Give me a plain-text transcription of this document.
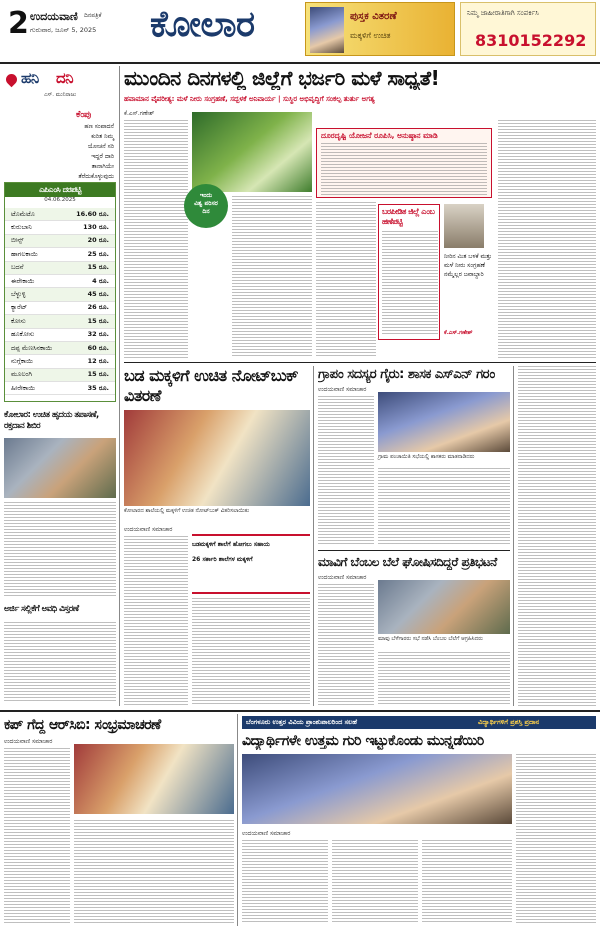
2 ಉದಯವಾಣಿ ದಿನಪತ್ರಿಕೆ
ಗುರುವಾರ, ಜೂನ್ 5, 2025 ಕೋಲಾರ	ಪುಸ್ತಕ ವಿತರಣೆ
ಮಕ್ಕಳಿಗೆ ಉಚಿತ
ನಿಮ್ಮ ಜಾಹೀರಾತಿಗಾಗಿ ಸಂಪರ್ಕಿಸಿ
8310152292
ಹನಿ ದನಿ
ಎಸ್. ಮುನಿರಾಜು
ಕೆಂಪು
ಹಣ ಸಂಪಾದನೆ
ಕುರಿತ ನಿಮ್ಮ
ಯೋಚನೆ ಸರಿ
ಇದ್ದರೆ ದಾರಿ
ತಾನಾಗಿಯೇ
ತೆರೆದುಕೊಳ್ಳುವುದು
ಎಪಿಎಂಸಿ ದರಪಟ್ಟಿ
04.06.2025
ಟೊಮೆಟೊ	16.60 ರೂ.
ಕುರುಬಾನಿ	130 ರೂ.
ಬೀನ್ಸ್	20 ರೂ.
ಹಾಗಲಕಾಯಿ	25 ರೂ.
ಬದನೆ	15 ರೂ.
ಈರೇಕಾಯಿ	4 ರೂ.
ಬೆಳ್ಳುಳ್ಳಿ	45 ರೂ.
ಕ್ಯಾರೆಟ್	26 ರೂ.
ಕೋಸು	15 ರೂ.
ಹೂಕೋಸು	32 ರೂ.
ದಪ್ಪ ಮೆಣಸಿನಕಾಯಿ	60 ರೂ.
ನುಗ್ಗೆಕಾಯಿ	12 ರೂ.
ಮೂಲಂಗಿ	15 ರೂ.
ಹೀರೇಕಾಯಿ	35 ರೂ.
ಕೋಲಾರ: ಉಚಿತ ಹೃದಯ ತಪಾಸಣೆ, ರಕ್ತದಾನ ಶಿಬಿರ
ಅರ್ಜಿ ಸಲ್ಲಿಕೆಗೆ ಅವಧಿ ವಿಸ್ತರಣೆ
ಮುಂದಿನ ದಿನಗಳಲ್ಲಿ ಜಿಲ್ಲೆಗೆ ಭರ್ಜರಿ ಮಳೆ ಸಾಧ್ಯತೆ!
ಹವಾಮಾನ ವೈಪರೀತ್ಯ: ಮಳೆ ನೀರು ಸಂಗ್ರಹಣೆ, ಸದ್ಬಳಕೆ ಅನಿವಾರ್ಯ | ಸುಸ್ಥಿರ ಅಭಿವೃದ್ಧಿಗೆ ಸಂಕಲ್ಪ ತುರ್ತು ಅಗತ್ಯ
ಕೆ.ಎಸ್.ಗಣೇಶ್
ಇಂದು
ವಿಶ್ವ ಪರಿಸರ
ದಿನ
ದೂರದೃಷ್ಟಿ ಯೋಜನೆ ರೂಪಿಸಿ, ಅನುಷ್ಠಾನ ಮಾಡಿ
ಬರಪೀಡಿತ ಜಿಲ್ಲೆ ಎಂಬ ಹಣೆಪಟ್ಟಿ
ನೀರಿನ ಮಿತ ಬಳಕೆ ಮತ್ತು ಮಳೆ ನೀರು ಸಂಗ್ರಹಣೆ ನಮ್ಮೆಲ್ಲರ ಜವಾಬ್ದಾರಿ
ಕೆ.ಎಸ್.ಗಣೇಶ್
ಬಡ ಮಕ್ಕಳಿಗೆ ಉಚಿತ ನೋಟ್‌ಬುಕ್ ವಿತರಣೆ
ಕೋಲಾರದ ಶಾಲೆಯಲ್ಲಿ ಮಕ್ಕಳಿಗೆ ಉಚಿತ ನೋಟ್‌ಬುಕ್ ವಿತರಿಸಲಾಯಿತು
ಉದಯವಾಣಿ ಸಮಾಚಾರ
ಬಡಮಕ್ಕಳಿಗೆ ಶಾಲೆಗೆ ಹೋಗಲು ಸಹಾಯ
26 ಸರ್ಕಾರಿ ಶಾಲೆಗಳ ಮಕ್ಕಳಿಗೆ
ಗ್ರಾಪಂ ಸದಸ್ಯರ ಗೈರು: ಶಾಸಕ ಎಸ್‌ಎನ್ ಗರಂ
ಉದಯವಾಣಿ ಸಮಾಚಾರ
ಗ್ರಾಮ ಪಂಚಾಯಿತಿ ಸಭೆಯಲ್ಲಿ ಶಾಸಕರು ಮಾತನಾಡಿದರು
ಮಾವಿಗೆ ಬೆಂಬಲ ಬೆಲೆ ಘೋಷಿಸದಿದ್ದರೆ ಪ್ರತಿಭಟನೆ
ಉದಯವಾಣಿ ಸಮಾಚಾರ
ಮಾವು ಬೆಳೆಗಾರರು ಸಭೆ ನಡೆಸಿ ಬೆಂಬಲ ಬೆಲೆಗೆ ಆಗ್ರಹಿಸಿದರು
ಕಪ್ ಗೆದ್ದ ಆರ್‌ಸಿಬಿ: ಸಂಭ್ರಮಾಚರಣೆ
ಉದಯವಾಣಿ ಸಮಾಚಾರ
ಬೆಂಗಳೂರು ಉತ್ತರ ವಿವಿಯ ಪ್ರಾಂಶುಪಾಲರಿಂದ ಸಲಹೆ	ವಿದ್ಯಾರ್ಥಿಗಳಿಗೆ ಪ್ರಶಸ್ತಿ ಪ್ರದಾನ
ವಿದ್ಯಾರ್ಥಿಗಳೇ ಉತ್ತಮ ಗುರಿ ಇಟ್ಟುಕೊಂಡು ಮುನ್ನಡೆಯಿರಿ
ಉದಯವಾಣಿ ಸಮಾಚಾರ
